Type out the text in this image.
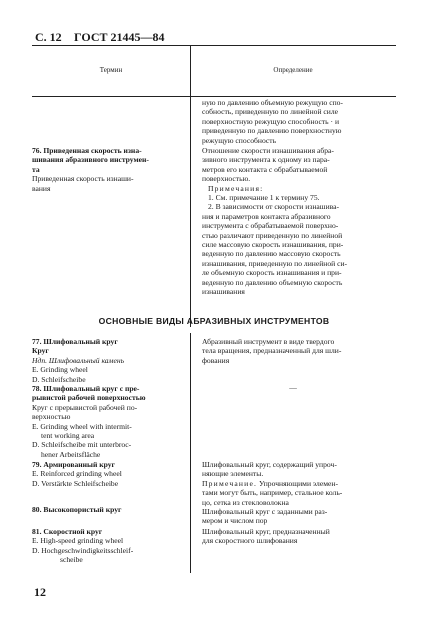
С. 12 ГОСТ 21445—84
Термин	Определение
ную по давлению объемную режущую спо-
собность, приведенную по линейной силе
поверхностную режущую способность · и
приведенную по давлению поверхностную
режущую способность
76. Приведенная скорость изна-
шивания абразивного инструмен-
та
Приведенная скорость изнаши-
вания
Отношение скорости изнашивания абра-
зивного инструмента к одному из пара-
метров его контакта с обрабатываемой
поверхностью.
Примечания:
1. См. примечание 1 к термину 75.
2. В зависимости от скорости изнашива-
ния и параметров контакта абразивного
инструмента с обрабатываемой поверхно-
стью различают приведенную по линейной
силе массовую скорость изнашивания, при-
веденную по давлению массовую скорость
изнашивания, приведенную по линейной си-
ле объемную скорость изнашивания и при-
веденную по давлению объемную скорость
изнашивания
ОСНОВНЫЕ ВИДЫ АБРАЗИВНЫХ ИНСТРУМЕНТОВ
77. Шлифовальный круг
Круг
Ндп. Шлифовальный камень
E. Grinding wheel
D. Schleifscheibe
Абразивный инструмент в виде твердого
тела вращения, предназначенный для шли-
фования
78. Шлифовальный круг с пре-
рывистой рабочей поверхностью
Круг с прерывистой рабочей по-
верхностью
E. Grinding wheel with intermit-
tent working area
D. Schleifscheibe mit unterbroc-
hener Arbeitsfläche
—
79. Армированный круг
E. Reinforced grinding wheel
D. Verstärkte Schleifscheibe
Шлифовальный круг, содержащий упроч-
няющие элементы.
Примечание. Упрочняющими элемен-
тами могут быть, например, стальное коль-
цо, сетка из стекловолокна
80. Высокопористый круг	Шлифовальный круг с заданными раз-
мером и числом пор
81. Скоростной круг
E. High-speed grinding wheel
D. Hochgeschwindigkeitsschleif-
scheibe
Шлифовальный круг, предназначенный
для скоростного шлифования
12
